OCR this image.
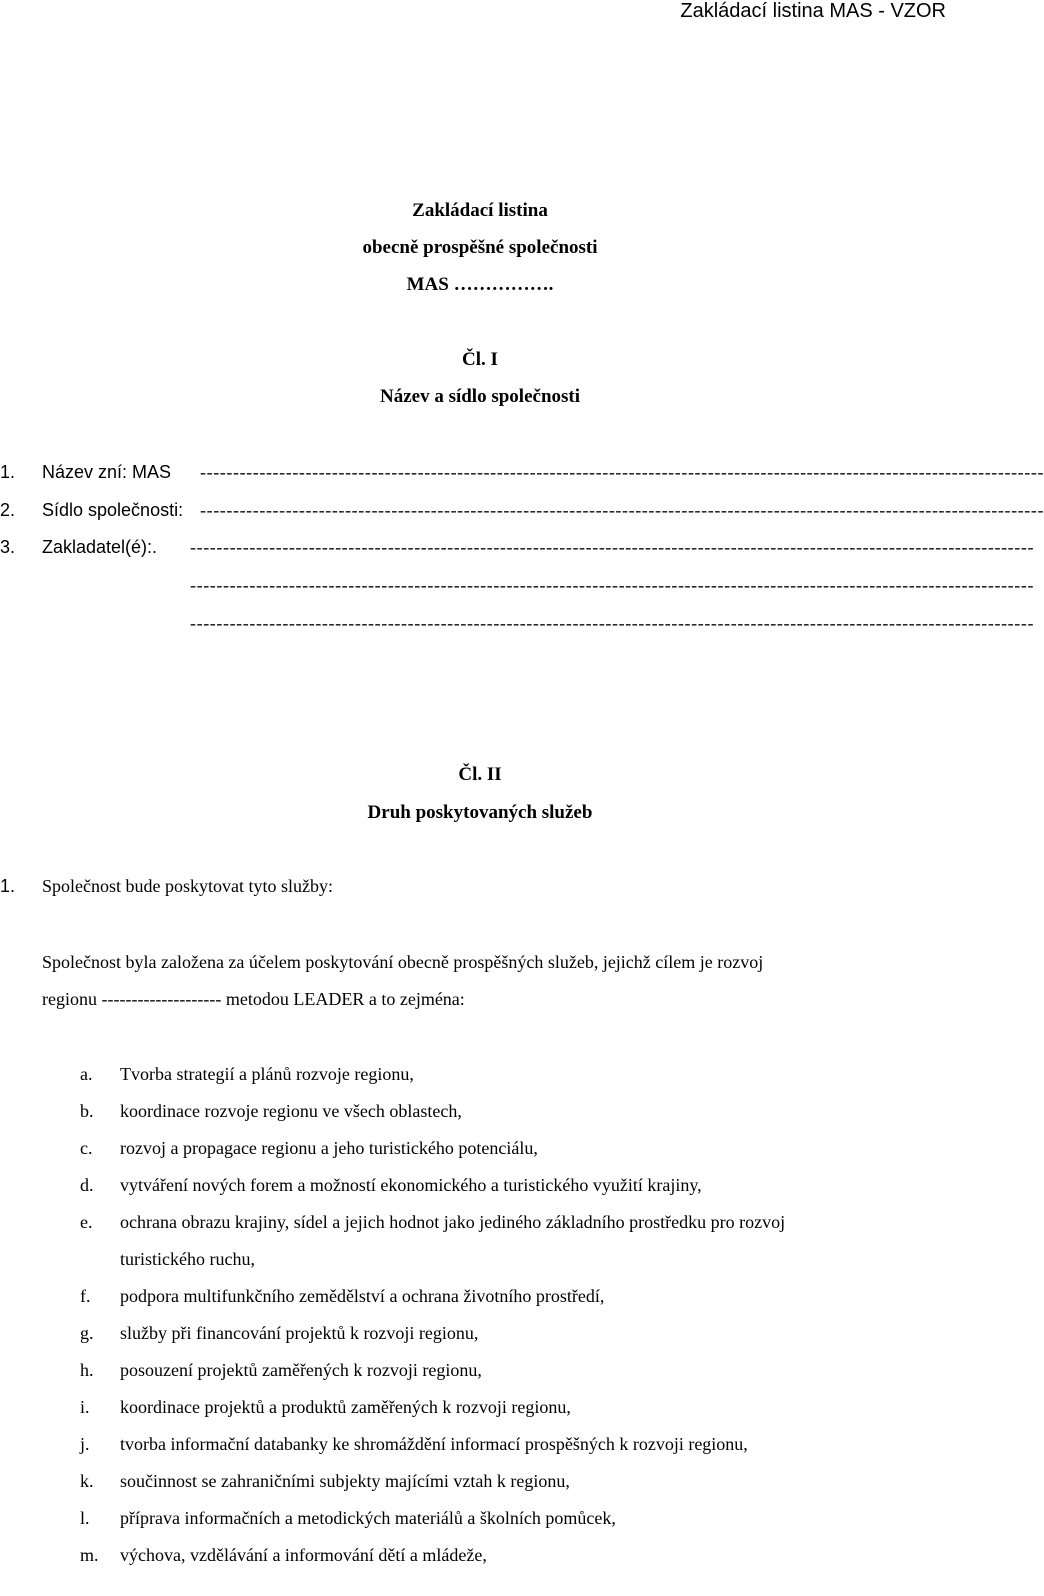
Zakládací listina MAS - VZOR
Zakládací listina
obecně prospěšné společnosti
MAS …………….
Čl. I
Název a sídlo společnosti
1. Název zní: MAS --------------------------------------------------------------------------------------------------------------------------------
2. Sídlo společnosti: --------------------------------------------------------------------------------------------------------------------------------
3. Zakladatel(é):. --------------------------------------------------------------------------------------------------------------------------------
--------------------------------------------------------------------------------------------------------------------------------
--------------------------------------------------------------------------------------------------------------------------------
Čl. II
Druh poskytovaných služeb
1. Společnost bude poskytovat tyto služby:
Společnost byla založena za účelem poskytování obecně prospěšných služeb, jejichž cílem je rozvoj
regionu -------------------- metodou LEADER a to zejména:
a. Tvorba strategií a plánů rozvoje regionu,
b. koordinace rozvoje regionu ve všech oblastech,
c. rozvoj a propagace regionu a jeho turistického potenciálu,
d. vytváření nových forem a možností ekonomického a turistického využití krajiny,
e. ochrana obrazu krajiny, sídel a jejich hodnot jako jediného základního prostředku pro rozvoj
turistického ruchu,
f. podpora multifunkčního zemědělství a ochrana životního prostředí,
g. služby při financování projektů k rozvoji regionu,
h. posouzení projektů zaměřených k rozvoji regionu,
i. koordinace projektů a produktů zaměřených k rozvoji regionu,
j. tvorba informační databanky ke shromáždění informací prospěšných k rozvoji regionu,
k. součinnost se zahraničními subjekty majícími vztah k regionu,
l. příprava informačních a metodických materiálů a školních pomůcek,
m. výchova, vzdělávání a informování dětí a mládeže,
